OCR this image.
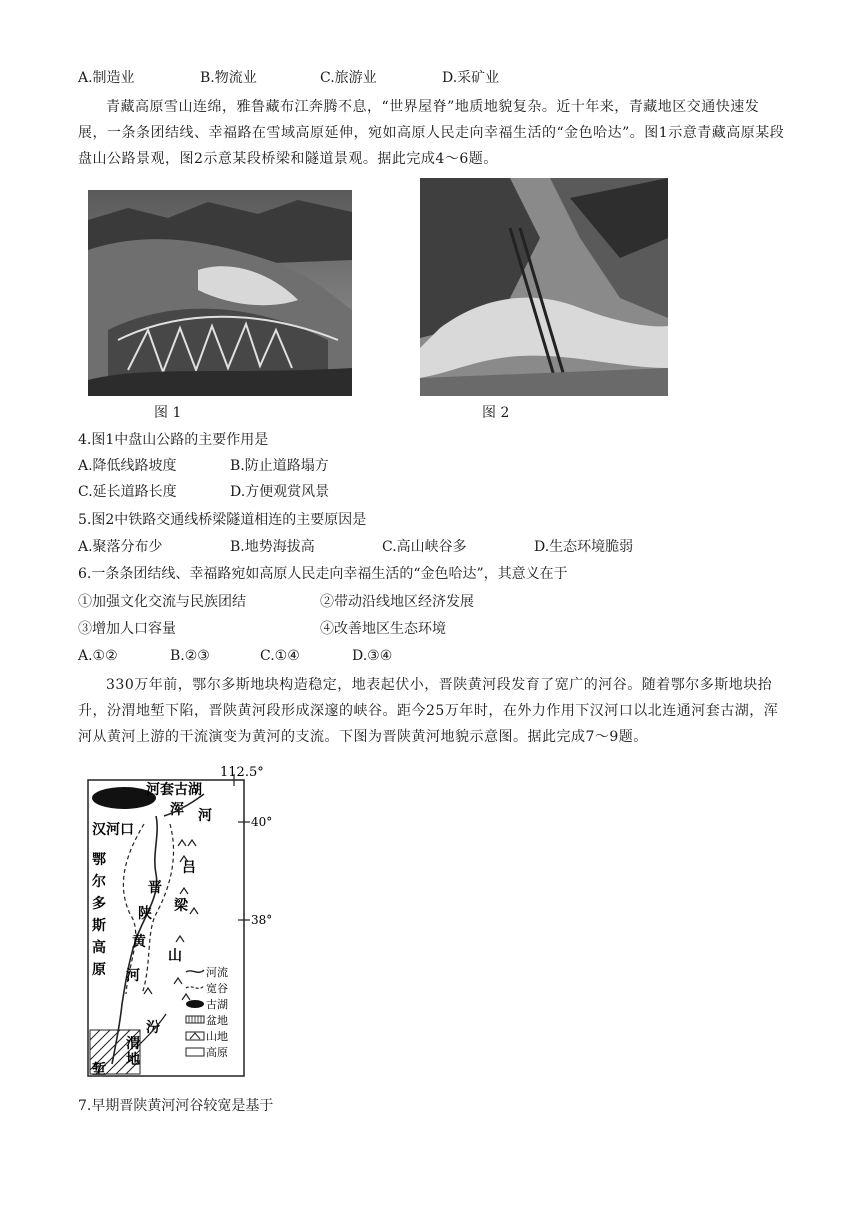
A.制造业	B.物流业	C.旅游业	D.采矿业
青藏高原雪山连绵，雅鲁藏布江奔腾不息，“世界屋脊”地质地貌复杂。近十年来，青藏地区交通快速发展，一条条团结线、幸福路在雪域高原延伸，宛如高原人民走向幸福生活的“金色哈达”。图1示意青藏高原某段盘山公路景观，图2示意某段桥梁和隧道景观。据此完成4～6题。
图 1	图 2
4.图1中盘山公路的主要作用是
A.降低线路坡度	B.防止道路塌方
C.延长道路长度	D.方便观赏风景
5.图2中铁路交通线桥梁隧道相连的主要原因是
A.聚落分布少	B.地势海拔高	C.高山峡谷多	D.生态环境脆弱
6.一条条团结线、幸福路宛如高原人民走向幸福生活的“金色哈达”，其意义在于
①加强文化交流与民族团结	②带动沿线地区经济发展
③增加人口容量	④改善地区生态环境
A.①②	B.②③	C.①④	D.③④
330万年前，鄂尔多斯地块构造稳定，地表起伏小，晋陕黄河段发育了宽广的河谷。随着鄂尔多斯地块抬升，汾渭地堑下陷，晋陕黄河段形成深邃的峡谷。距今25万年时，在外力作用下汉河口以北连通河套古湖，浑河从黄河上游的干流演变为黄河的支流。下图为晋陕黄河地貌示意图。据此完成7～9题。
112.5°
40°
38°
河套古湖
浑 河
汉河口
鄂
尔
多
斯
高
原
吕
梁
山
晋
陕
黄
河
汾
渭
地
堑
河流
宽谷
古湖
盆地
山地
高原
7.早期晋陕黄河河谷较宽是基于
